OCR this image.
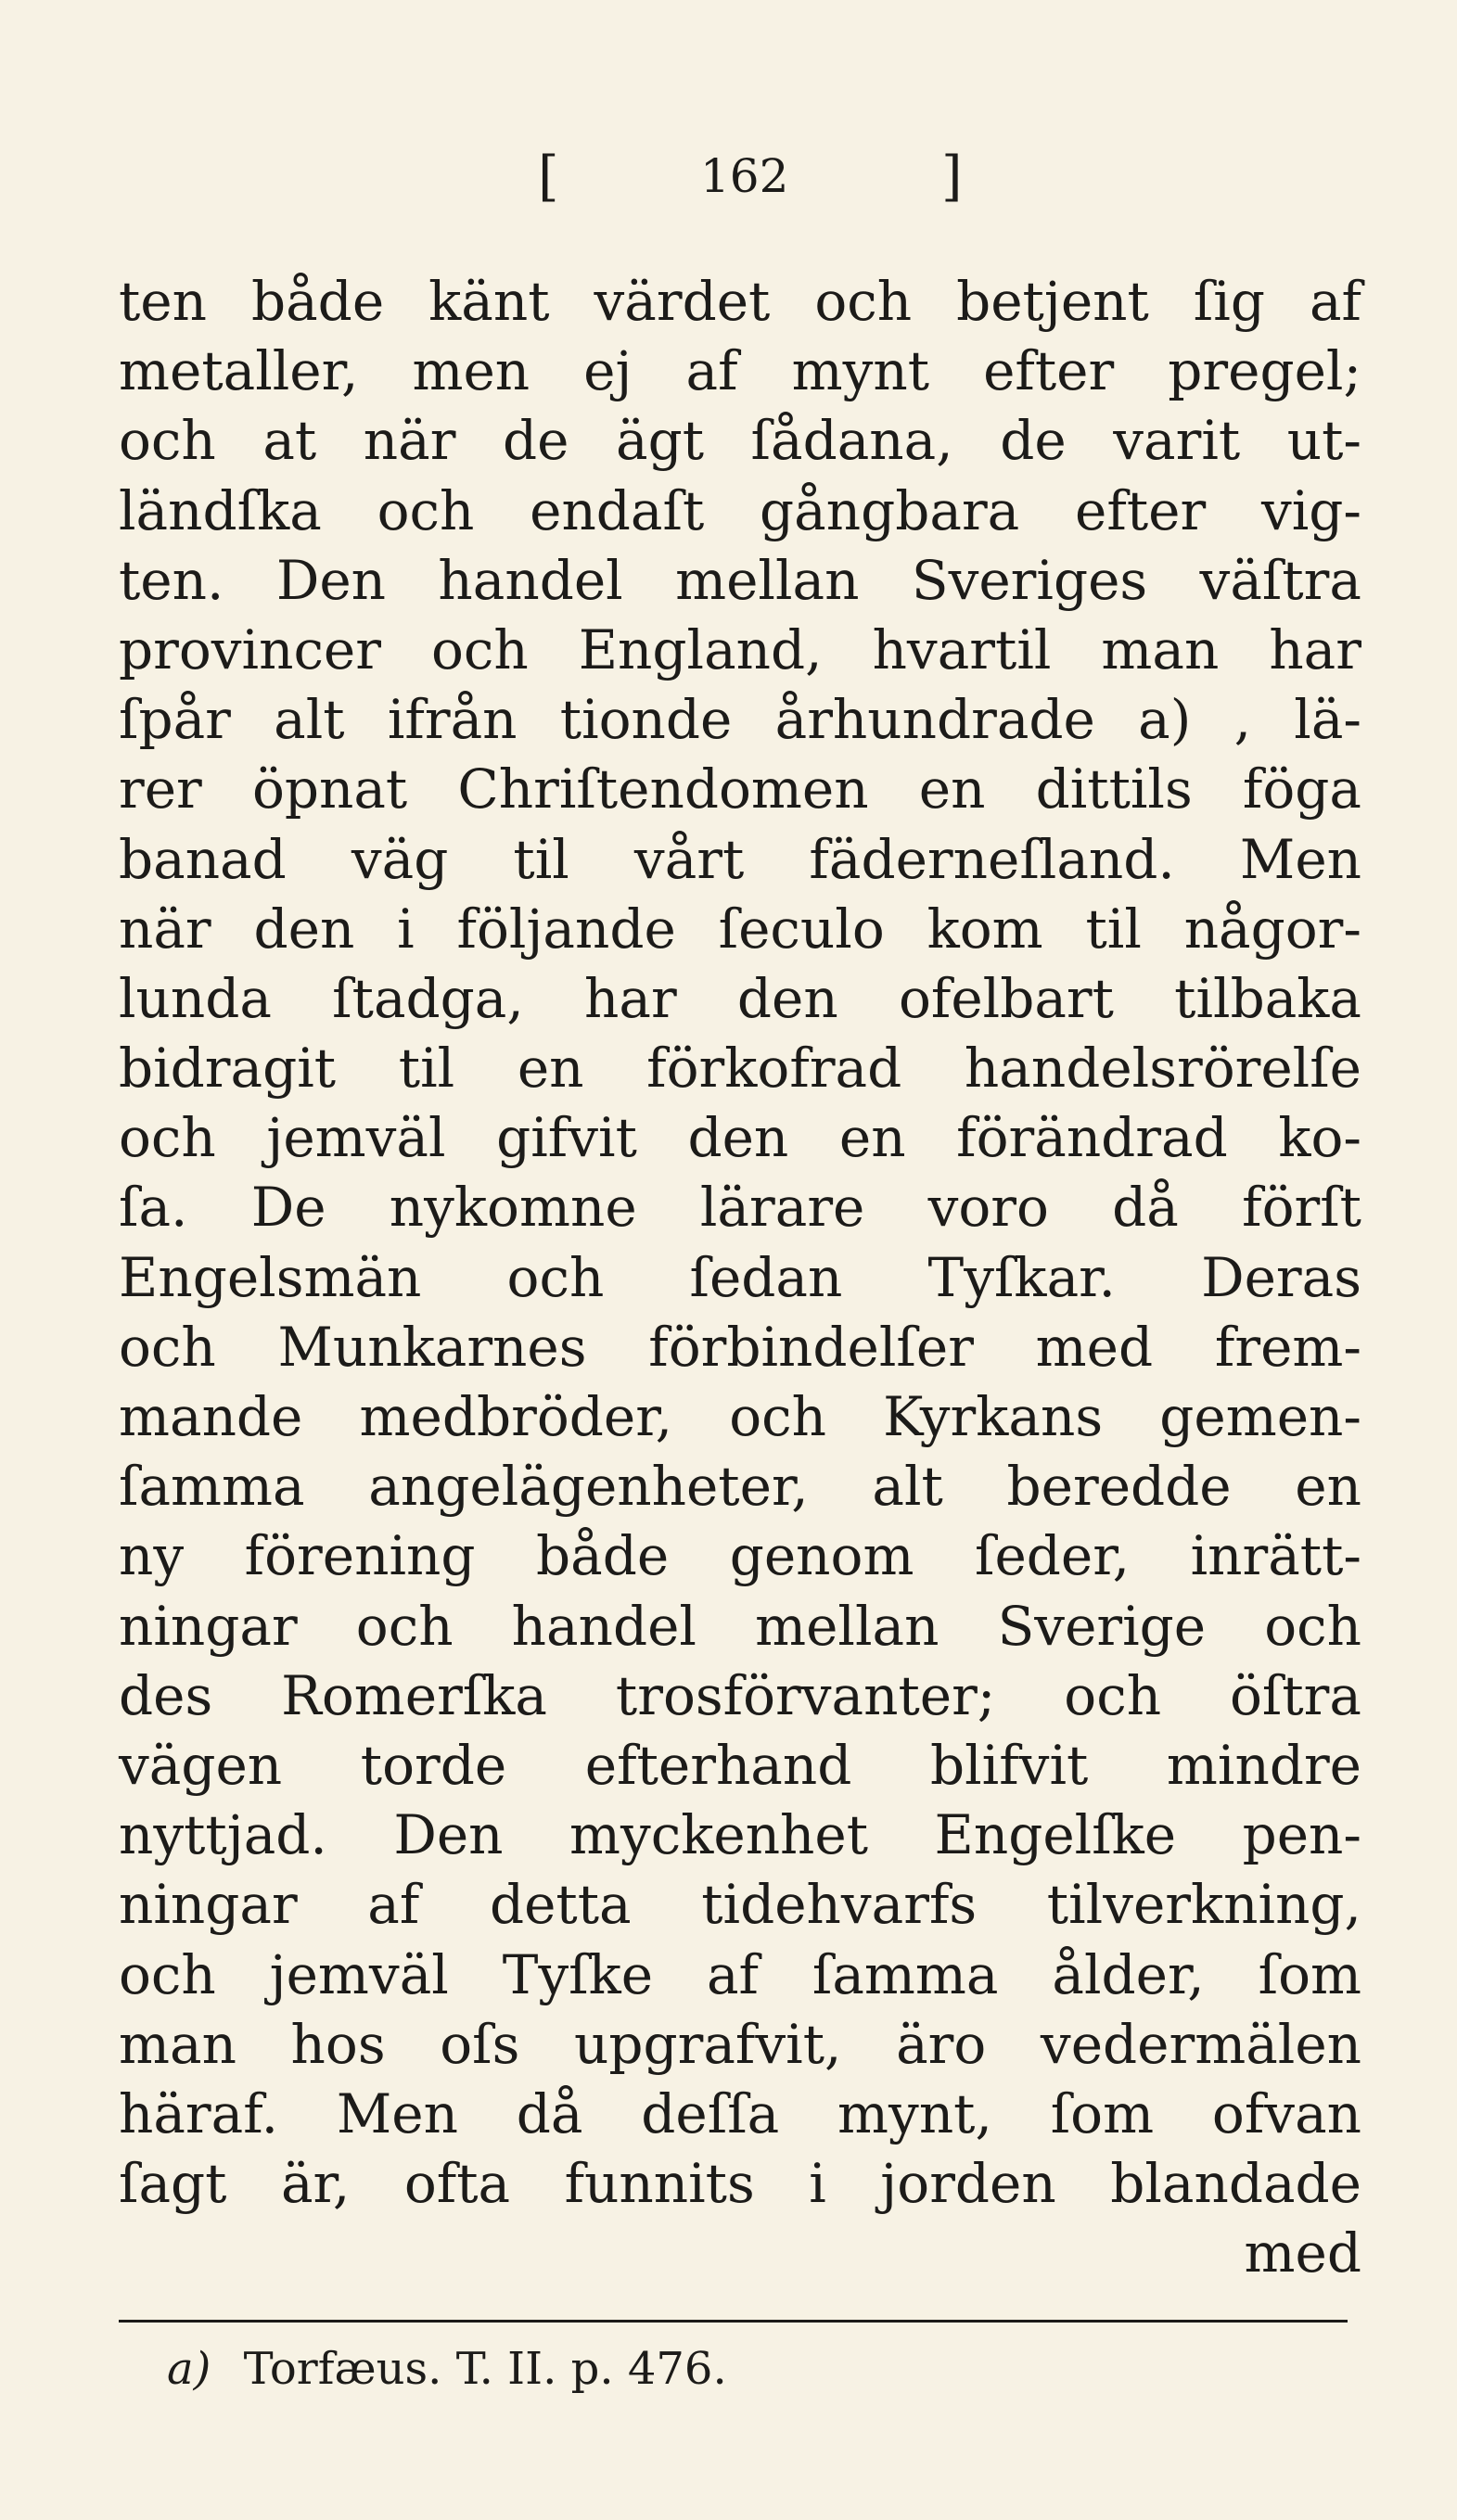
[	162	]
ten både känt värdet och betjent ſig af
metaller, men ej af mynt efter pregel;
och at när de ägt ſådana, de varit ut-
ländſka och endaſt gångbara efter vig-
ten. Den handel mellan Sveriges väſtra
provincer och England, hvartil man har
ſpår alt ifrån tionde århundrade a) , lä-
rer öpnat Chriſtendomen en dittils föga
banad väg til vårt fäderneſland. Men
när den i följande ſeculo kom til någor-
lunda ſtadga, har den ofelbart tilbaka
bidragit til en förkofrad handelsrörelſe
och jemväl gifvit den en förändrad ko-
ſa. De nykomne lärare voro då förſt
Engelsmän och ſedan Tyſkar. Deras
och Munkarnes förbindelſer med frem-
mande medbröder, och Kyrkans gemen-
ſamma angelägenheter, alt beredde en
ny förening både genom ſeder, inrätt-
ningar och handel mellan Sverige och
des Romerſka trosförvanter; och öſtra
vägen torde efterhand blifvit mindre
nyttjad. Den myckenhet Engelſke pen-
ningar af detta tidehvarfs tilverkning,
och jemväl Tyſke af ſamma ålder, ſom
man hos oſs upgrafvit, äro vedermälen
häraf. Men då deſſa mynt, ſom ofvan
ſagt är, ofta funnits i jorden blandade
med
a) Torfæus. T. II. p. 476.
